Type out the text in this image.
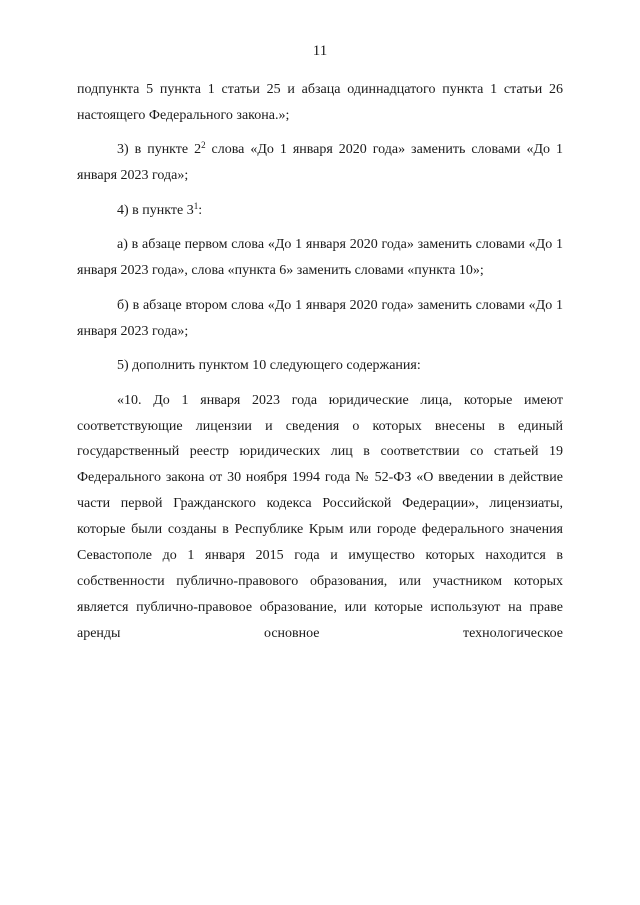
11

подпункта 5 пункта 1 статьи 25 и абзаца одиннадцатого пункта 1 статьи 26 настоящего Федерального закона.»;

3) в пункте $2^2$ слова «До 1 января 2020 года» заменить словами «До 1 января 2023 года»;

4) в пункте $3^1$:

а) в абзаце первом слова «До 1 января 2020 года» заменить словами «До 1 января 2023 года», слова «пункта 6» заменить словами «пункта 10»;

б) в абзаце втором слова «До 1 января 2020 года» заменить словами «До 1 января 2023 года»;

5) дополнить пунктом 10 следующего содержания:

«10. До 1 января 2023 года юридические лица, которые имеют соответствующие лицензии и сведения о которых внесены в единый государственный реестр юридических лиц в соответствии со статьей 19 Федерального закона от 30 ноября 1994 года № 52-ФЗ «О введении в действие части первой Гражданского кодекса Российской Федерации», лицензиаты, которые были созданы в Республике Крым или городе федерального значения Севастополе до 1 января 2015 года и имущество которых находится в собственности публично-правового образования, или участником которых является публично-правовое образование, или которые используют на праве аренды основное технологическое
